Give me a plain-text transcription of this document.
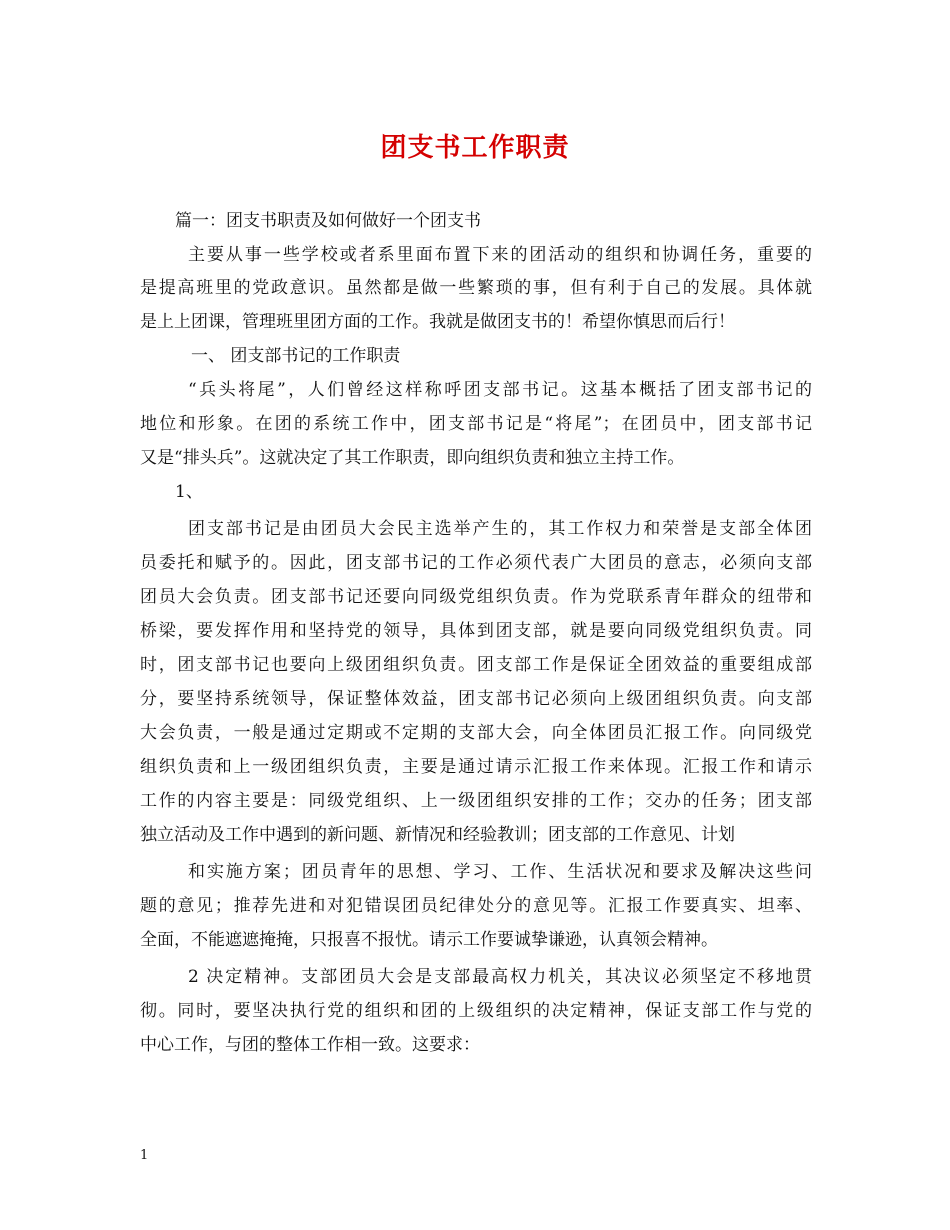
团支书工作职责
篇一：团支书职责及如何做好一个团支书
主要从事一些学校或者系里面布置下来的团活动的组织和协调任务，重要的
是提高班里的党政意识。虽然都是做一些繁琐的事，但有利于自己的发展。具体就
是上上团课，管理班里团方面的工作。我就是做团支书的！希望你慎思而后行！
一、 团支部书记的工作职责
“兵头将尾”，人们曾经这样称呼团支部书记。这基本概括了团支部书记的
地位和形象。在团的系统工作中，团支部书记是“将尾”；在团员中，团支部书记
又是“排头兵”。这就决定了其工作职责，即向组织负责和独立主持工作。
1、
团支部书记是由团员大会民主选举产生的，其工作权力和荣誉是支部全体团
员委托和赋予的。因此，团支部书记的工作必须代表广大团员的意志，必须向支部
团员大会负责。团支部书记还要向同级党组织负责。作为党联系青年群众的纽带和
桥梁，要发挥作用和坚持党的领导，具体到团支部，就是要向同级党组织负责。同
时，团支部书记也要向上级团组织负责。团支部工作是保证全团效益的重要组成部
分，要坚持系统领导，保证整体效益，团支部书记必须向上级团组织负责。向支部
大会负责，一般是通过定期或不定期的支部大会，向全体团员汇报工作。向同级党
组织负责和上一级团组织负责，主要是通过请示汇报工作来体现。汇报工作和请示
工作的内容主要是：同级党组织、上一级团组织安排的工作；交办的任务；团支部
独立活动及工作中遇到的新问题、新情况和经验教训；团支部的工作意见、计划
和实施方案；团员青年的思想、学习、工作、生活状况和要求及解决这些问
题的意见；推荐先进和对犯错误团员纪律处分的意见等。汇报工作要真实、坦率、
全面，不能遮遮掩掩，只报喜不报忧。请示工作要诚挚谦逊，认真领会精神。
2 决定精神。支部团员大会是支部最高权力机关，其决议必须坚定不移地贯
彻。同时，要坚决执行党的组织和团的上级组织的决定精神，保证支部工作与党的
中心工作，与团的整体工作相一致。这要求：
1
